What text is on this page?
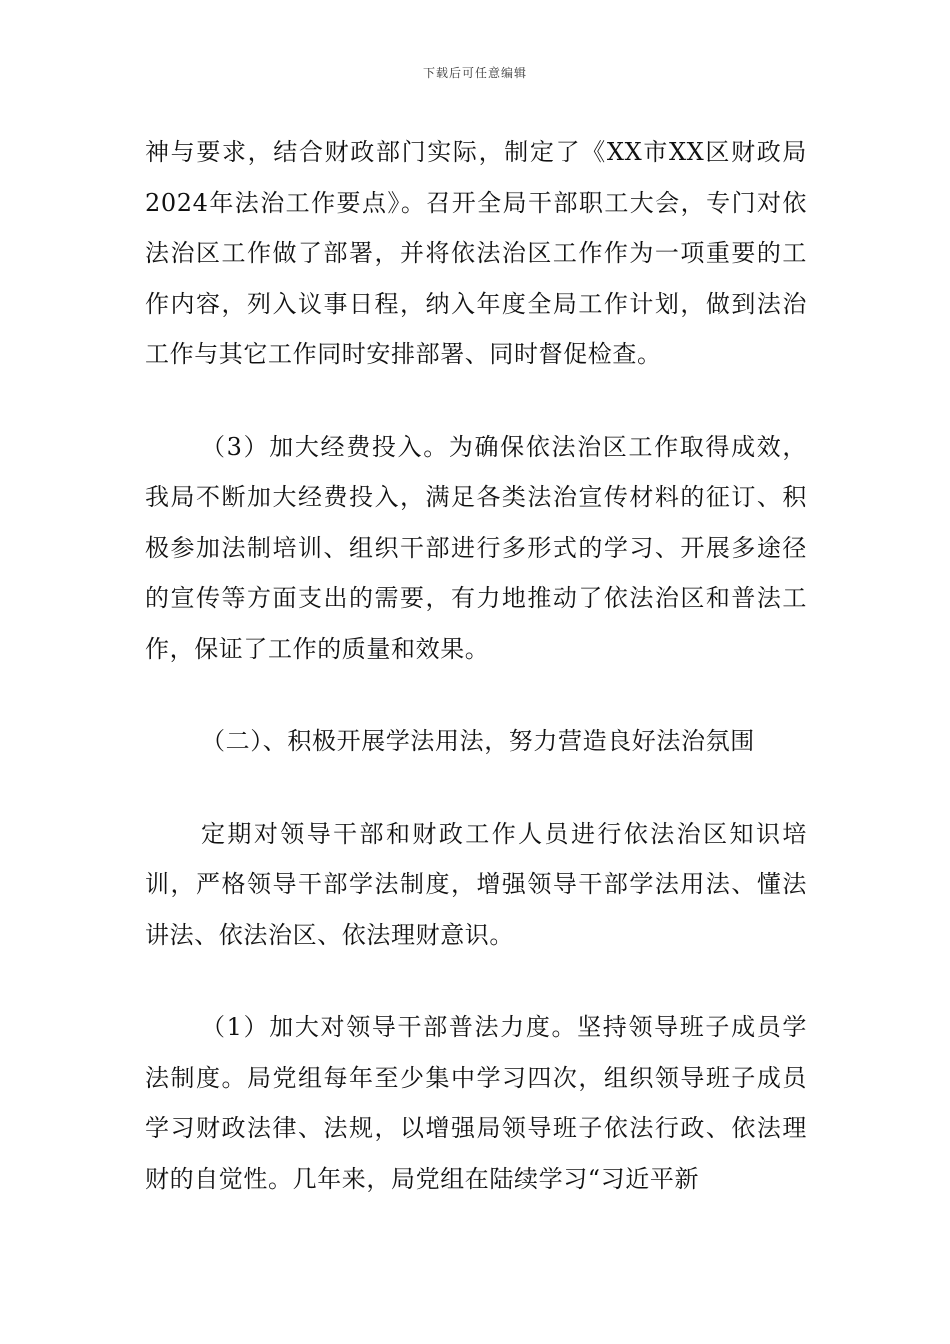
下载后可任意编辑

神与要求，结合财政部门实际，制定了《XX市XX区财政局2024年法治工作要点》。召开全局干部职工大会，专门对依法治区工作做了部署，并将依法治区工作作为一项重要的工作内容，列入议事日程，纳入年度全局工作计划，做到法治工作与其它工作同时安排部署、同时督促检查。

（3）加大经费投入。为确保依法治区工作取得成效，我局不断加大经费投入，满足各类法治宣传材料的征订、积极参加法制培训、组织干部进行多形式的学习、开展多途径的宣传等方面支出的需要，有力地推动了依法治区和普法工作，保证了工作的质量和效果。

（二）、积极开展学法用法，努力营造良好法治氛围

定期对领导干部和财政工作人员进行依法治区知识培训，严格领导干部学法制度，增强领导干部学法用法、懂法讲法、依法治区、依法理财意识。

（1）加大对领导干部普法力度。坚持领导班子成员学法制度。局党组每年至少集中学习四次，组织领导班子成员学习财政法律、法规，以增强局领导班子依法行政、依法理财的自觉性。几年来，局党组在陆续学习“习近平新
